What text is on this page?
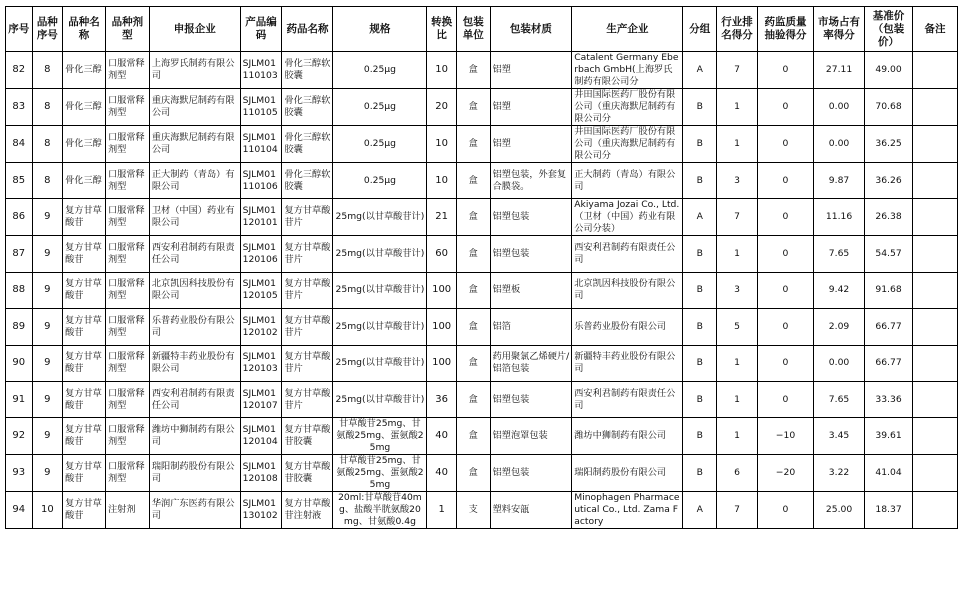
序号	品种序号	品种名称	品种剂型	申报企业	产品编码	药品名称	规格	转换比	包装单位	包装材质	生产企业	分组	行业排名得分	药监质量抽验得分	市场占有率得分	基准价（包装价）	备注
82	8	骨化三醇	口服常释剂型	上海罗氏制药有限公司	SJLM01110103	骨化三醇软胶囊	0.25μg	10	盒	铝塑	Catalent Germany Eberbach GmbH(上海罗氏制药有限公司分	A	7	0	27.11	49.00	
83	8	骨化三醇	口服常释剂型	重庆海默尼制药有限公司	SJLM01110105	骨化三醇软胶囊	0.25μg	20	盒	铝塑	井田国际医药厂股份有限公司（重庆海默尼制药有限公司分	B	1	0	0.00	70.68	
84	8	骨化三醇	口服常释剂型	重庆海默尼制药有限公司	SJLM01110104	骨化三醇软胶囊	0.25μg	10	盒	铝塑	井田国际医药厂股份有限公司（重庆海默尼制药有限公司分	B	1	0	0.00	36.25	
85	8	骨化三醇	口服常释剂型	正大制药（青岛）有限公司	SJLM01110106	骨化三醇软胶囊	0.25μg	10	盒	铝塑包装，外套复合膜袋。	正大制药（青岛）有限公司	B	3	0	9.87	36.26	
86	9	复方甘草酸苷	口服常释剂型	卫材（中国）药业有限公司	SJLM01120101	复方甘草酸苷片	25mg(以甘草酸苷计)	21	盒	铝塑包装	Akiyama Jozai Co., Ltd.（卫材（中国）药业有限公司分装）	A	7	0	11.16	26.38	
87	9	复方甘草酸苷	口服常释剂型	西安利君制药有限责任公司	SJLM01120106	复方甘草酸苷片	25mg(以甘草酸苷计)	60	盒	铝塑包装	西安利君制药有限责任公司	B	1	0	7.65	54.57	
88	9	复方甘草酸苷	口服常释剂型	北京凯因科技股份有限公司	SJLM01120105	复方甘草酸苷片	25mg(以甘草酸苷计)	100	盒	铝塑板	北京凯因科技股份有限公司	B	3	0	9.42	91.68	
89	9	复方甘草酸苷	口服常释剂型	乐普药业股份有限公司	SJLM01120102	复方甘草酸苷片	25mg(以甘草酸苷计)	100	盒	铝箔	乐普药业股份有限公司	B	5	0	2.09	66.77	
90	9	复方甘草酸苷	口服常释剂型	新疆特丰药业股份有限公司	SJLM01120103	复方甘草酸苷片	25mg(以甘草酸苷计)	100	盒	药用聚氯乙烯硬片/铝箔包装	新疆特丰药业股份有限公司	B	1	0	0.00	66.77	
91	9	复方甘草酸苷	口服常释剂型	西安利君制药有限责任公司	SJLM01120107	复方甘草酸苷片	25mg(以甘草酸苷计)	36	盒	铝塑包装	西安利君制药有限责任公司	B	1	0	7.65	33.36	
92	9	复方甘草酸苷	口服常释剂型	潍坊中狮制药有限公司	SJLM01120104	复方甘草酸苷胶囊	甘草酸苷25mg、甘氨酸25mg、蛋氨酸25mg	40	盒	铝塑泡罩包装	潍坊中狮制药有限公司	B	1	−10	3.45	39.61	
93	9	复方甘草酸苷	口服常释剂型	瑞阳制药股份有限公司	SJLM01120108	复方甘草酸苷胶囊	甘草酸苷25mg、甘氨酸25mg、蛋氨酸25mg	40	盒	铝塑包装	瑞阳制药股份有限公司	B	6	−20	3.22	41.04	
94	10	复方甘草酸苷	注射剂	华润广东医药有限公司	SJLM01130102	复方甘草酸苷注射液	20ml:甘草酸苷40mg、盐酸半胱氨酸20mg、甘氨酸0.4g	1	支	塑料安瓿	Minophagen Pharmaceutical Co., Ltd. Zama Factory	A	7	0	25.00	18.37	
